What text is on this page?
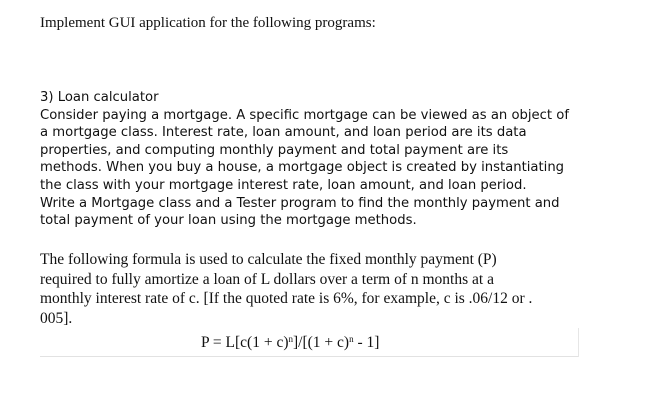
Implement GUI application for the following programs:
3) Loan calculator
Consider paying a mortgage. A specific mortgage can be viewed as an object of
a mortgage class. Interest rate, loan amount, and loan period are its data
properties, and computing monthly payment and total payment are its
methods. When you buy a house, a mortgage object is created by instantiating
the class with your mortgage interest rate, loan amount, and loan period.
Write a Mortgage class and a Tester program to find the monthly payment and
total payment of your loan using the mortgage methods.
The following formula is used to calculate the fixed monthly payment (P)
required to fully amortize a loan of L dollars over a term of n months at a
monthly interest rate of c. [If the quoted rate is 6%, for example, c is .06/12 or .
005].
$P = L[c(1 + c)^n]/[(1 + c)^n - 1]$
